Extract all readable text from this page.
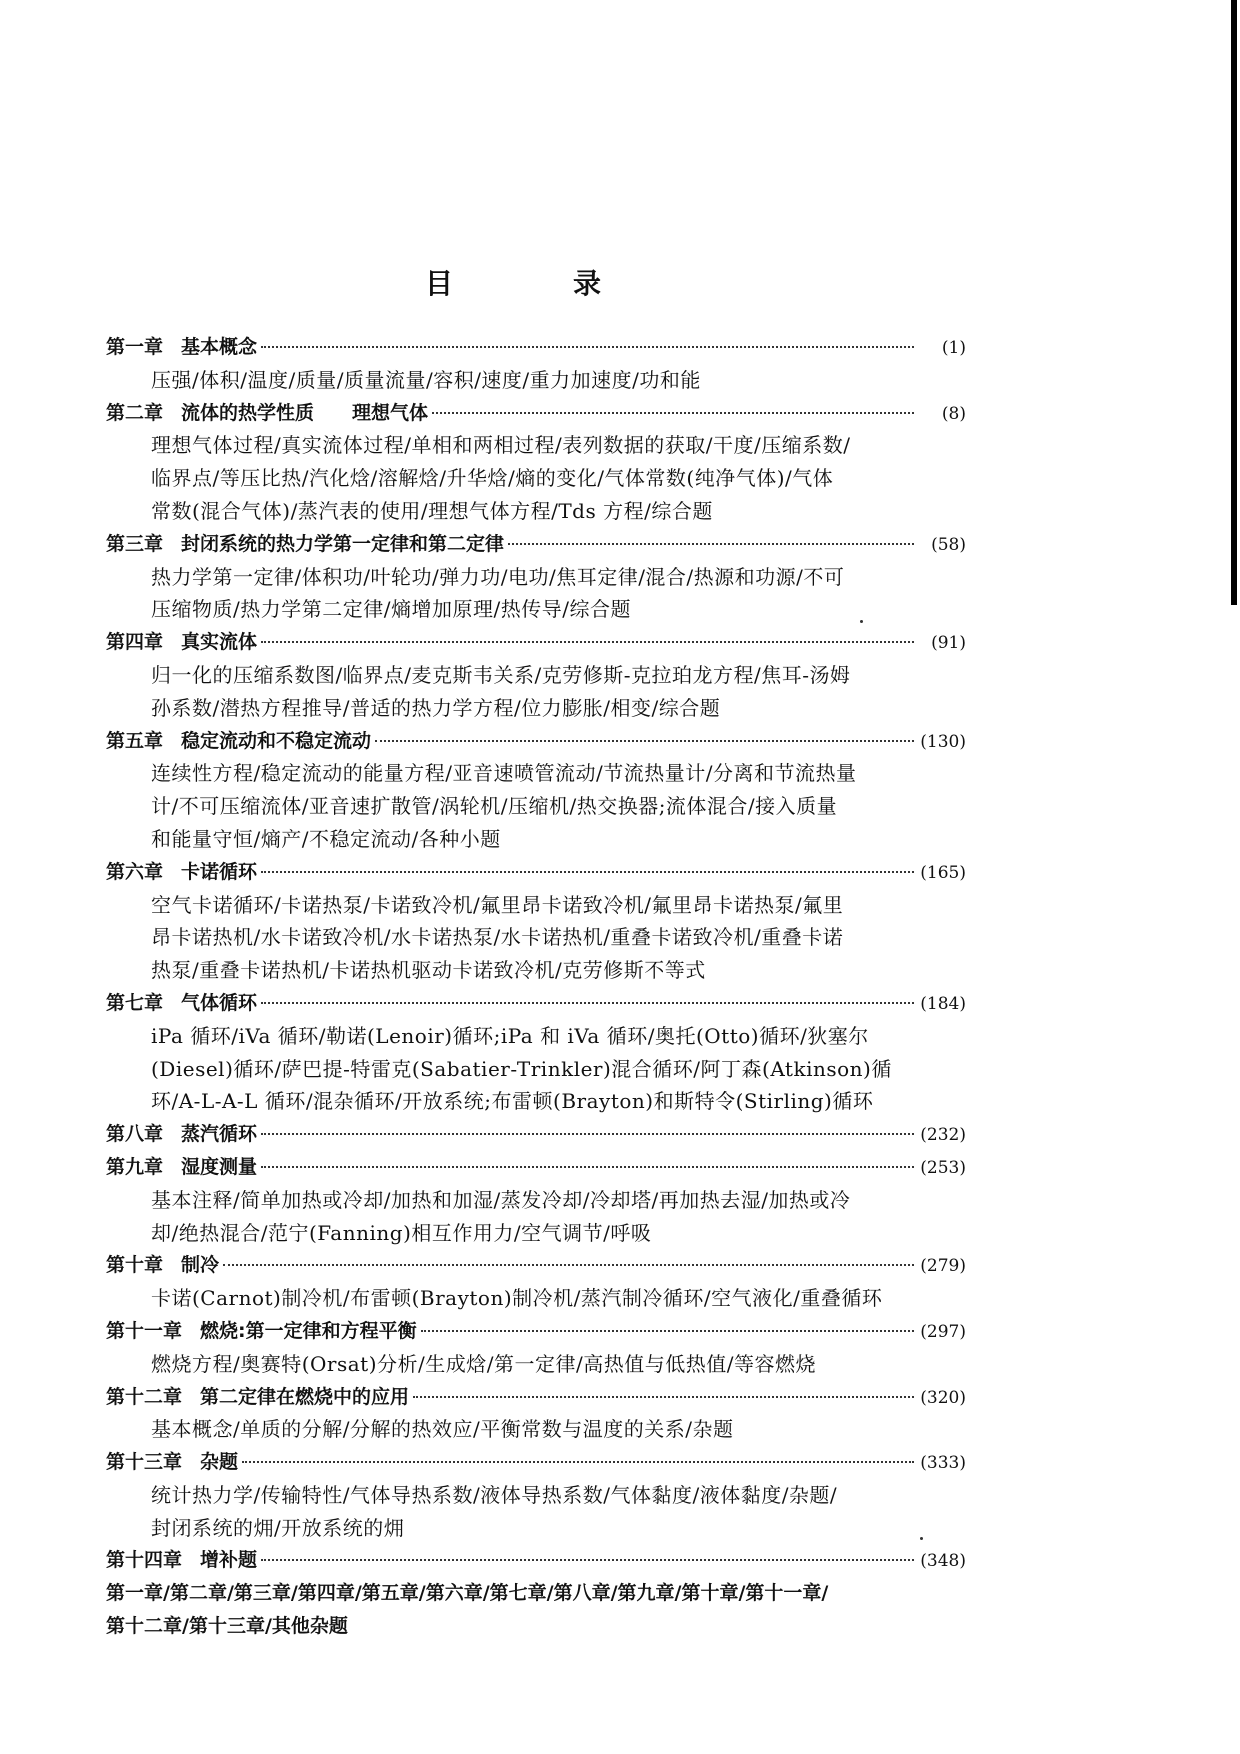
目　录
第一章 基本概念	(1)
压强/体积/温度/质量/质量流量/容积/速度/重力加速度/功和能
第二章 流体的热学性质　　理想气体	(8)
理想气体过程/真实流体过程/单相和两相过程/表列数据的获取/干度/压缩系数/
临界点/等压比热/汽化焓/溶解焓/升华焓/熵的变化/气体常数(纯净气体)/气体
常数(混合气体)/蒸汽表的使用/理想气体方程/Tds 方程/综合题
第三章 封闭系统的热力学第一定律和第二定律	(58)
热力学第一定律/体积功/叶轮功/弹力功/电功/焦耳定律/混合/热源和功源/不可
压缩物质/热力学第二定律/熵增加原理/热传导/综合题
第四章 真实流体	(91)
归一化的压缩系数图/临界点/麦克斯韦关系/克劳修斯-克拉珀龙方程/焦耳-汤姆
孙系数/潜热方程推导/普适的热力学方程/位力膨胀/相变/综合题
第五章 稳定流动和不稳定流动	(130)
连续性方程/稳定流动的能量方程/亚音速喷管流动/节流热量计/分离和节流热量
计/不可压缩流体/亚音速扩散管/涡轮机/压缩机/热交换器;流体混合/接入质量
和能量守恒/熵产/不稳定流动/各种小题
第六章 卡诺循环	(165)
空气卡诺循环/卡诺热泵/卡诺致冷机/氟里昂卡诺致冷机/氟里昂卡诺热泵/氟里
昂卡诺热机/水卡诺致冷机/水卡诺热泵/水卡诺热机/重叠卡诺致冷机/重叠卡诺
热泵/重叠卡诺热机/卡诺热机驱动卡诺致冷机/克劳修斯不等式
第七章 气体循环	(184)
iPa 循环/iVa 循环/勒诺(Lenoir)循环;iPa 和 iVa 循环/奥托(Otto)循环/狄塞尔
(Diesel)循环/萨巴提-特雷克(Sabatier-Trinkler)混合循环/阿丁森(Atkinson)循
环/A-L-A-L 循环/混杂循环/开放系统;布雷顿(Brayton)和斯特令(Stirling)循环
第八章 蒸汽循环	(232)
第九章 湿度测量	(253)
基本注释/简单加热或冷却/加热和加湿/蒸发冷却/冷却塔/再加热去湿/加热或冷
却/绝热混合/范宁(Fanning)相互作用力/空气调节/呼吸
第十章 制冷	(279)
卡诺(Carnot)制冷机/布雷顿(Brayton)制冷机/蒸汽制冷循环/空气液化/重叠循环
第十一章 燃烧:第一定律和方程平衡	(297)
燃烧方程/奥赛特(Orsat)分析/生成焓/第一定律/高热值与低热值/等容燃烧
第十二章 第二定律在燃烧中的应用	(320)
基本概念/单质的分解/分解的热效应/平衡常数与温度的关系/杂题
第十三章 杂题	(333)
统计热力学/传输特性/气体导热系数/液体导热系数/气体黏度/液体黏度/杂题/
封闭系统的㶲/开放系统的㶲
第十四章 增补题	(348)
第一章/第二章/第三章/第四章/第五章/第六章/第七章/第八章/第九章/第十章/第十一章/
第十二章/第十三章/其他杂题
